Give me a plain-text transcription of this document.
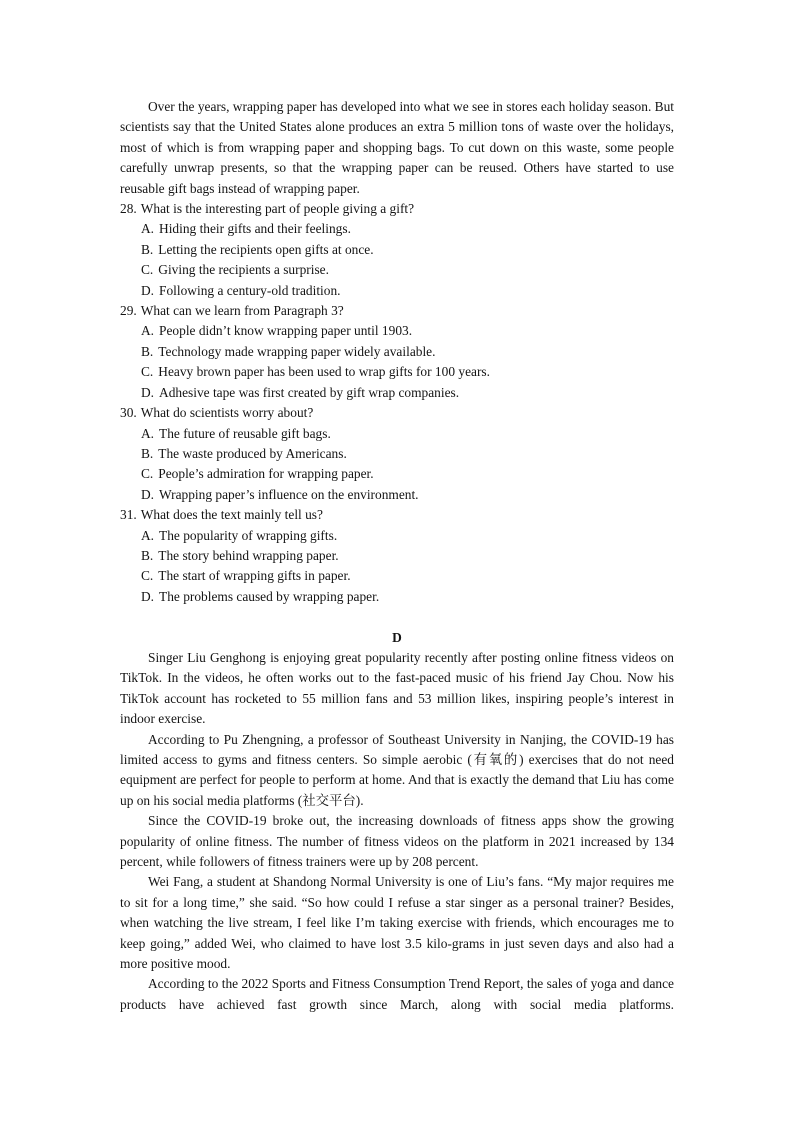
Over the years, wrapping paper has developed into what we see in stores each holiday season. But scientists say that the United States alone produces an extra 5 million tons of waste over the holidays, most of which is from wrapping paper and shopping bags. To cut down on this waste, some people carefully unwrap presents, so that the wrapping paper can be reused. Others have started to use reusable gift bags instead of wrapping paper.

28. What is the interesting part of people giving a gift?
A. Hiding their gifts and their feelings.
B. Letting the recipients open gifts at once.
C. Giving the recipients a surprise.
D. Following a century-old tradition.
29. What can we learn from Paragraph 3?
A. People didn’t know wrapping paper until 1903.
B. Technology made wrapping paper widely available.
C. Heavy brown paper has been used to wrap gifts for 100 years.
D. Adhesive tape was first created by gift wrap companies.
30. What do scientists worry about?
A. The future of reusable gift bags.
B. The waste produced by Americans.
C. People’s admiration for wrapping paper.
D. Wrapping paper’s influence on the environment.
31. What does the text mainly tell us?
A. The popularity of wrapping gifts.
B. The story behind wrapping paper.
C. The start of wrapping gifts in paper.
D. The problems caused by wrapping paper.
D

Singer Liu Genghong is enjoying great popularity recently after posting online fitness videos on TikTok. In the videos, he often works out to the fast-paced music of his friend Jay Chou. Now his TikTok account has rocketed to 55 million fans and 53 million likes, inspiring people’s interest in indoor exercise.

According to Pu Zhengning, a professor of Southeast University in Nanjing, the COVID-19 has limited access to gyms and fitness centers. So simple aerobic (有氧的) exercises that do not need equipment are perfect for people to perform at home. And that is exactly the demand that Liu has come up on his social media platforms (社交平台).

Since the COVID-19 broke out, the increasing downloads of fitness apps show the growing popularity of online fitness. The number of fitness videos on the platform in 2021 increased by 134 percent, while followers of fitness trainers were up by 208 percent.

Wei Fang, a student at Shandong Normal University is one of Liu’s fans. “My major requires me to sit for a long time,” she said. “So how could I refuse a star singer as a personal trainer? Besides, when watching the live stream, I feel like I’m taking exercise with friends, which encourages me to keep going,” added Wei, who claimed to have lost 3.5 kilo-grams in just seven days and also had a more positive mood.

According to the 2022 Sports and Fitness Consumption Trend Report, the sales of yoga and dance products have achieved fast growth since March, along with social media platforms.
